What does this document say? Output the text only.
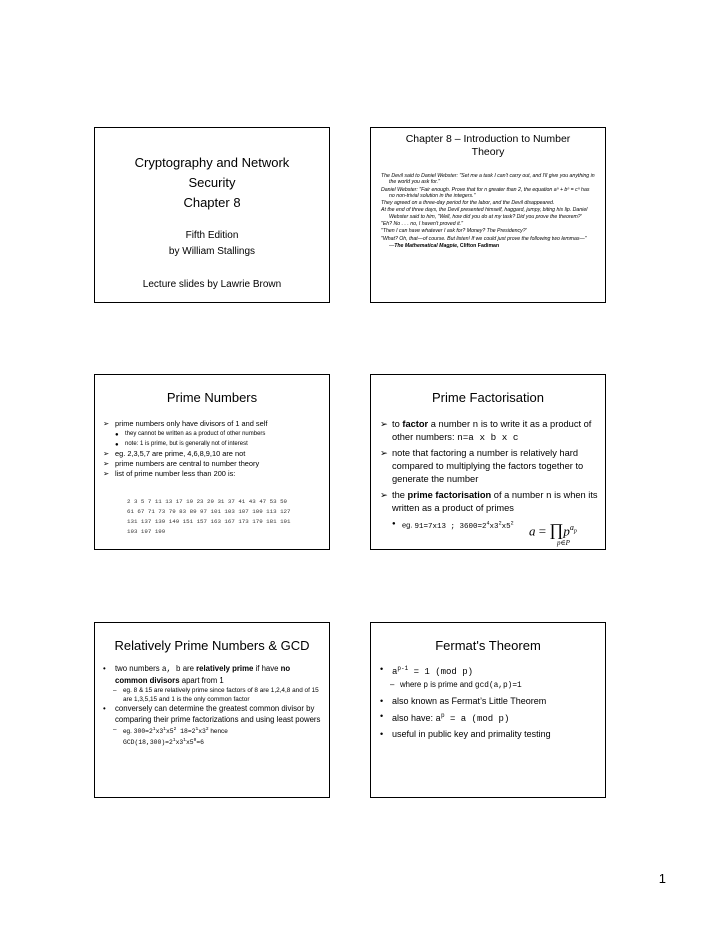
Cryptography and Network
Security
Chapter 8
Fifth Edition
by William Stallings
Lecture slides by Lawrie Brown
Chapter 8 – Introduction to Number
Theory
The Devil said to Daniel Webster: "Set me a task I can't carry out, and I'll give you anything in the world you ask for."
Daniel Webster: "Fair enough. Prove that for n greater than 2, the equation aⁿ + bⁿ = cⁿ has no non-trivial solution in the integers."
They agreed on a three-day period for the labor, and the Devil disappeared.
At the end of three days, the Devil presented himself, haggard, jumpy, biting his lip. Daniel Webster said to him, "Well, how did you do at my task? Did you prove the theorem?'
"Eh? No . . . no, I haven't proved it."
"Then I can have whatever I ask for? Money? The Presidency?'
"What? Oh, that—of course. But listen! If we could just prove the following two lemmas—"
—The Mathematical Magpie, Clifton Fadiman
Prime Numbers
➢ prime numbers only have divisors of 1 and self
● they cannot be written as a product of other numbers
● note: 1 is prime, but is generally not of interest
➢ eg. 2,3,5,7 are prime, 4,6,8,9,10 are not
➢ prime numbers are central to number theory
➢ list of prime number less than 200 is:
2 3 5 7 11 13 17 19 23 29 31 37 41 43 47 53 59
61 67 71 73 79 83 89 97 101 103 107 109 113 127
131 137 139 149 151 157 163 167 173 179 181 191
193 197 199
Prime Factorisation
➢ to factor a number n is to write it as a product of other numbers: n=a x b x c
➢ note that factoring a number is relatively hard compared to multiplying the factors together to generate the number
➢ the prime factorisation of a number n is when its written as a product of primes
● eg. 91=7x13 ; $3600=2^4x3^2x5^2$
$a = \prod p^{a_p}$
p∈P
Relatively Prime Numbers & GCD
• two numbers a, b are relatively prime if have no common divisors apart from 1
– eg. 8 & 15 are relatively prime since factors of 8 are 1,2,4,8 and of 15 are 1,3,5,15 and 1 is the only common factor
• conversely can determine the greatest common divisor by comparing their prime factorizations and using least powers
– eg. $300=2^1x3^1x5^2$ $18=2^1x3^2$ hence
$GCD(18,300)=2^1x3^1x5^0=6$
Fermat's Theorem
• $a^{p-1} = 1$ (mod p)
– where p is prime and gcd(a,p)=1
• also known as Fermat’s Little Theorem
• also have: $a^p = a$ (mod p)
• useful in public key and primality testing
1
